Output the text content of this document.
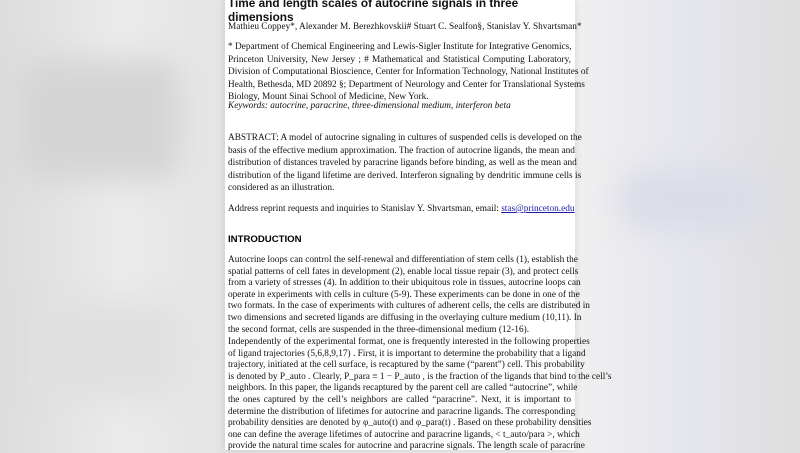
Time and length scales of autocrine signals in three dimensions
Mathieu Coppey*, Alexander M. Berezhkovskii# Stuart C. Sealfon§, Stanislav Y. Shvartsman*
* Department of Chemical Engineering and Lewis-Sigler Institute for Integrative Genomics,
Princeton University, New Jersey ; # Mathematical and Statistical Computing Laboratory,
Division of Computational Bioscience, Center for Information Technology, National Institutes of
Health, Bethesda, MD 20892 §; Department of Neurology and Center for Translational Systems
Biology, Mount Sinai School of Medicine, New York.
Keywords: autocrine, paracrine, three-dimensional medium, interferon beta
ABSTRACT: A model of autocrine signaling in cultures of suspended cells is developed on the
basis of the effective medium approximation. The fraction of autocrine ligands, the mean and
distribution of distances traveled by paracrine ligands before binding, as well as the mean and
distribution of the ligand lifetime are derived. Interferon signaling by dendritic immune cells is
considered as an illustration.
Address reprint requests and inquiries to Stanislav Y. Shvartsman, email: stas@princeton.edu
INTRODUCTION
Autocrine loops can control the self-renewal and differentiation of stem cells (1), establish the
spatial patterns of cell fates in development (2), enable local tissue repair (3), and protect cells
from a variety of stresses (4). In addition to their ubiquitous role in tissues, autocrine loops can
operate in experiments with cells in culture (5-9). These experiments can be done in one of the
two formats. In the case of experiments with cultures of adherent cells, the cells are distributed in
two dimensions and secreted ligands are diffusing in the overlaying culture medium (10,11). In
the second format, cells are suspended in the three-dimensional medium (12-16).
Independently of the experimental format, one is frequently interested in the following properties
of ligand trajectories (5,6,8,9,17) . First, it is important to determine the probability that a ligand
trajectory, initiated at the cell surface, is recaptured by the same (“parent”) cell. This probability
is denoted by P_auto . Clearly, P_para ≡ 1 − P_auto , is the fraction of the ligands that bind to the cell’s
neighbors. In this paper, the ligands recaptured by the parent cell are called “autocrine”, while
the ones captured by the cell’s neighbors are called “paracrine”. Next, it is important to
determine the distribution of lifetimes for autocrine and paracrine ligands. The corresponding
probability densities are denoted by φ_auto(t) and φ_para(t) . Based on these probability densities
one can define the average lifetimes of autocrine and paracrine ligands, < t_auto/para >, which
provide the natural time scales for autocrine and paracrine signals. The length scale of paracrine
